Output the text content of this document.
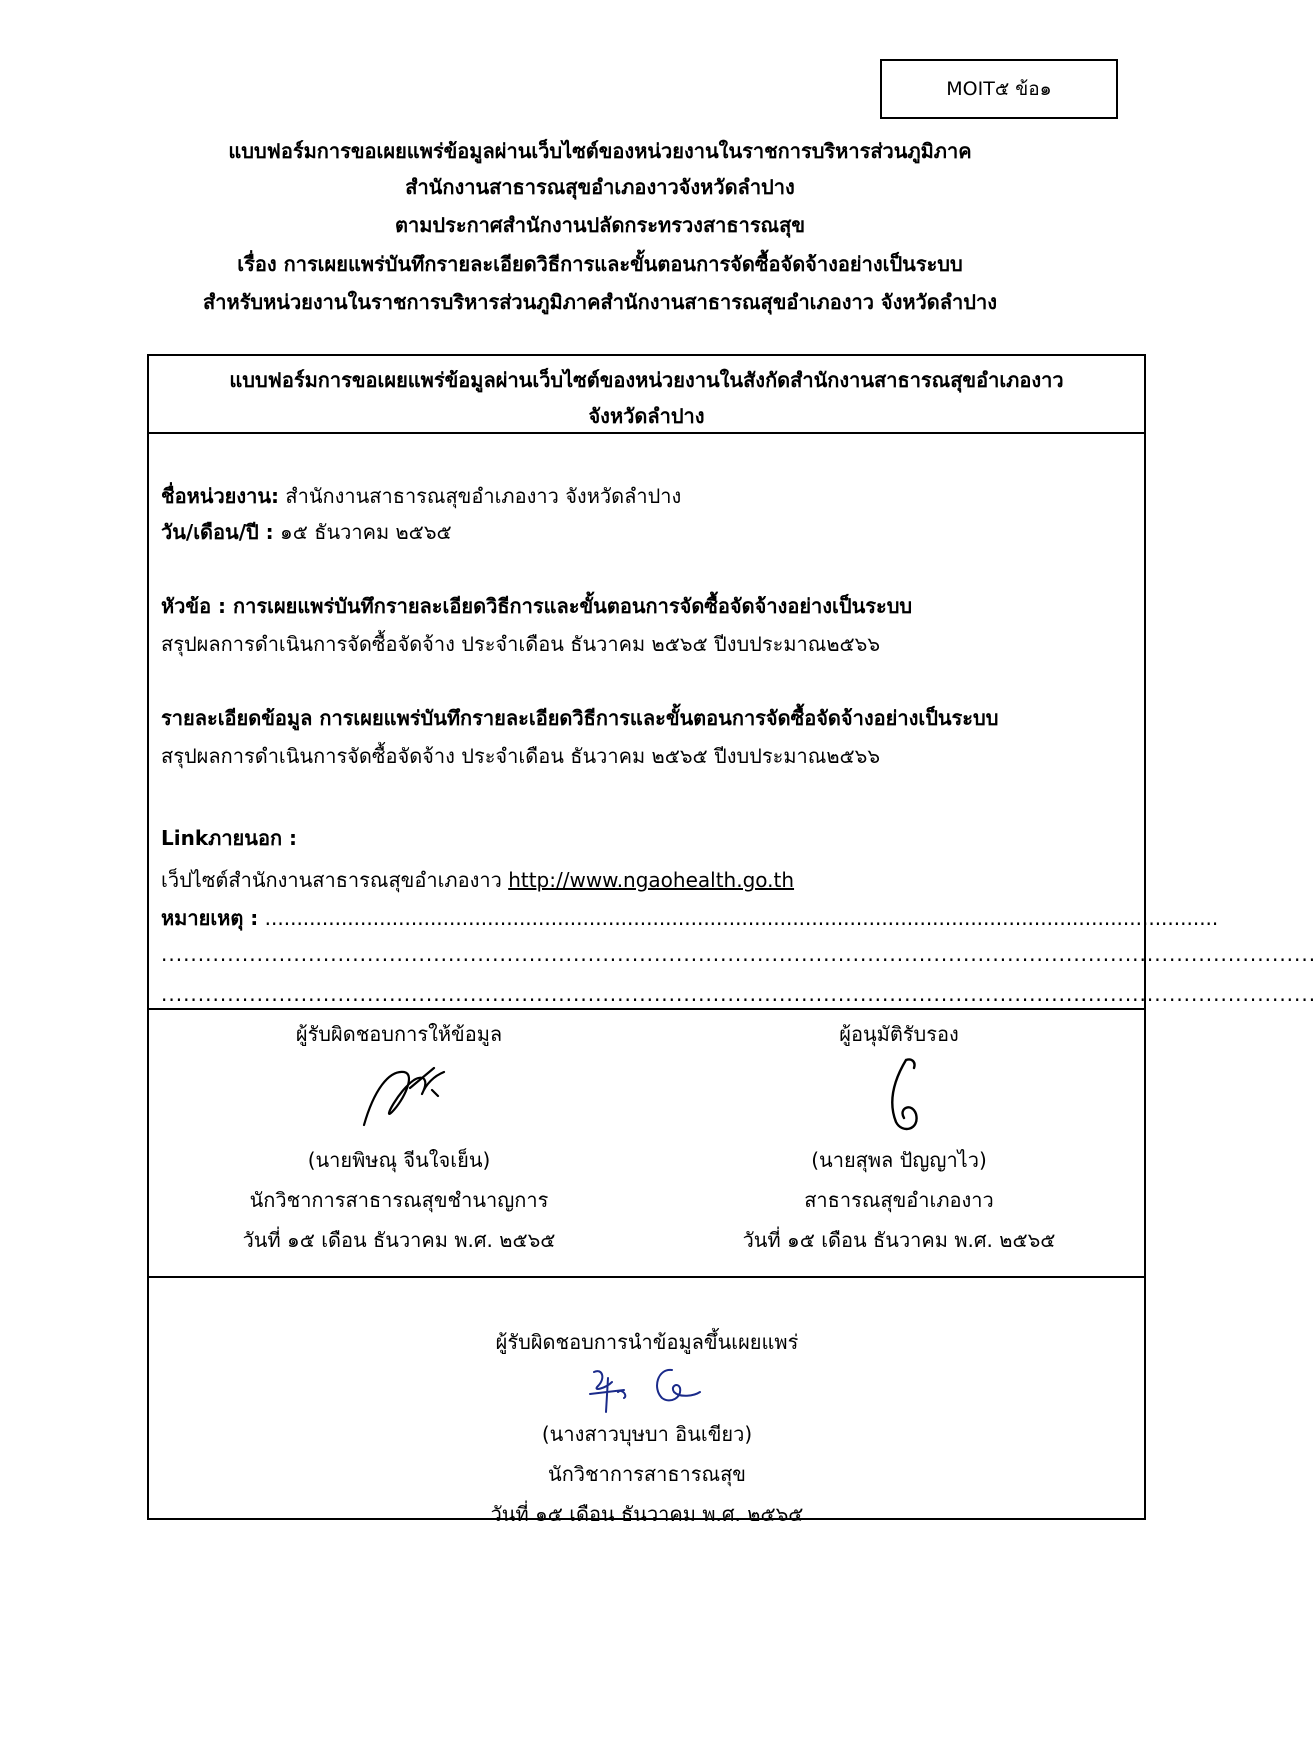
MOIT๕ ข้อ๑
แบบฟอร์มการขอเผยแพร่ข้อมูลผ่านเว็บไซต์ของหน่วยงานในราชการบริหารส่วนภูมิภาค
สำนักงานสาธารณสุขอำเภองาวจังหวัดลำปาง
ตามประกาศสำนักงานปลัดกระทรวงสาธารณสุข
เรื่อง การเผยแพร่บันทึกรายละเอียดวิธีการและขั้นตอนการจัดซื้อจัดจ้างอย่างเป็นระบบ
สำหรับหน่วยงานในราชการบริหารส่วนภูมิภาคสำนักงานสาธารณสุขอำเภองาว จังหวัดลำปาง
แบบฟอร์มการขอเผยแพร่ข้อมูลผ่านเว็บไซต์ของหน่วยงานในสังกัดสำนักงานสาธารณสุขอำเภองาว
จังหวัดลำปาง
ชื่อหน่วยงาน: สำนักงานสาธารณสุขอำเภองาว จังหวัดลำปาง
วัน/เดือน/ปี : ๑๕ ธันวาคม ๒๕๖๕
หัวข้อ : การเผยแพร่บันทึกรายละเอียดวิธีการและขั้นตอนการจัดซื้อจัดจ้างอย่างเป็นระบบ
สรุปผลการดำเนินการจัดซื้อจัดจ้าง ประจำเดือน ธันวาคม ๒๕๖๕ ปีงบประมาณ๒๕๖๖
รายละเอียดข้อมูล การเผยแพร่บันทึกรายละเอียดวิธีการและขั้นตอนการจัดซื้อจัดจ้างอย่างเป็นระบบ
สรุปผลการดำเนินการจัดซื้อจัดจ้าง ประจำเดือน ธันวาคม ๒๕๖๕ ปีงบประมาณ๒๕๖๖
Linkภายนอก :
เว็ปไซต์สำนักงานสาธารณสุขอำเภองาว http://www.ngaohealth.go.th
หมายเหตุ : ......................................................................................................................................................
.............................................................................................................................................................
.............................................................................................................................................................
ผู้รับผิดชอบการให้ข้อมูล
(นายพิษณุ จีนใจเย็น)
นักวิชาการสาธารณสุขชำนาญการ
วันที่ ๑๕ เดือน ธันวาคม พ.ศ. ๒๕๖๕
ผู้อนุมัติรับรอง
(นายสุพล ปัญญาไว)
สาธารณสุขอำเภองาว
วันที่ ๑๕ เดือน ธันวาคม พ.ศ. ๒๕๖๕
ผู้รับผิดชอบการนำข้อมูลขึ้นเผยแพร่
(นางสาวบุษบา อินเขียว)
นักวิชาการสาธารณสุข
วันที่ ๑๕ เดือน ธันวาคม พ.ศ. ๒๕๖๕
